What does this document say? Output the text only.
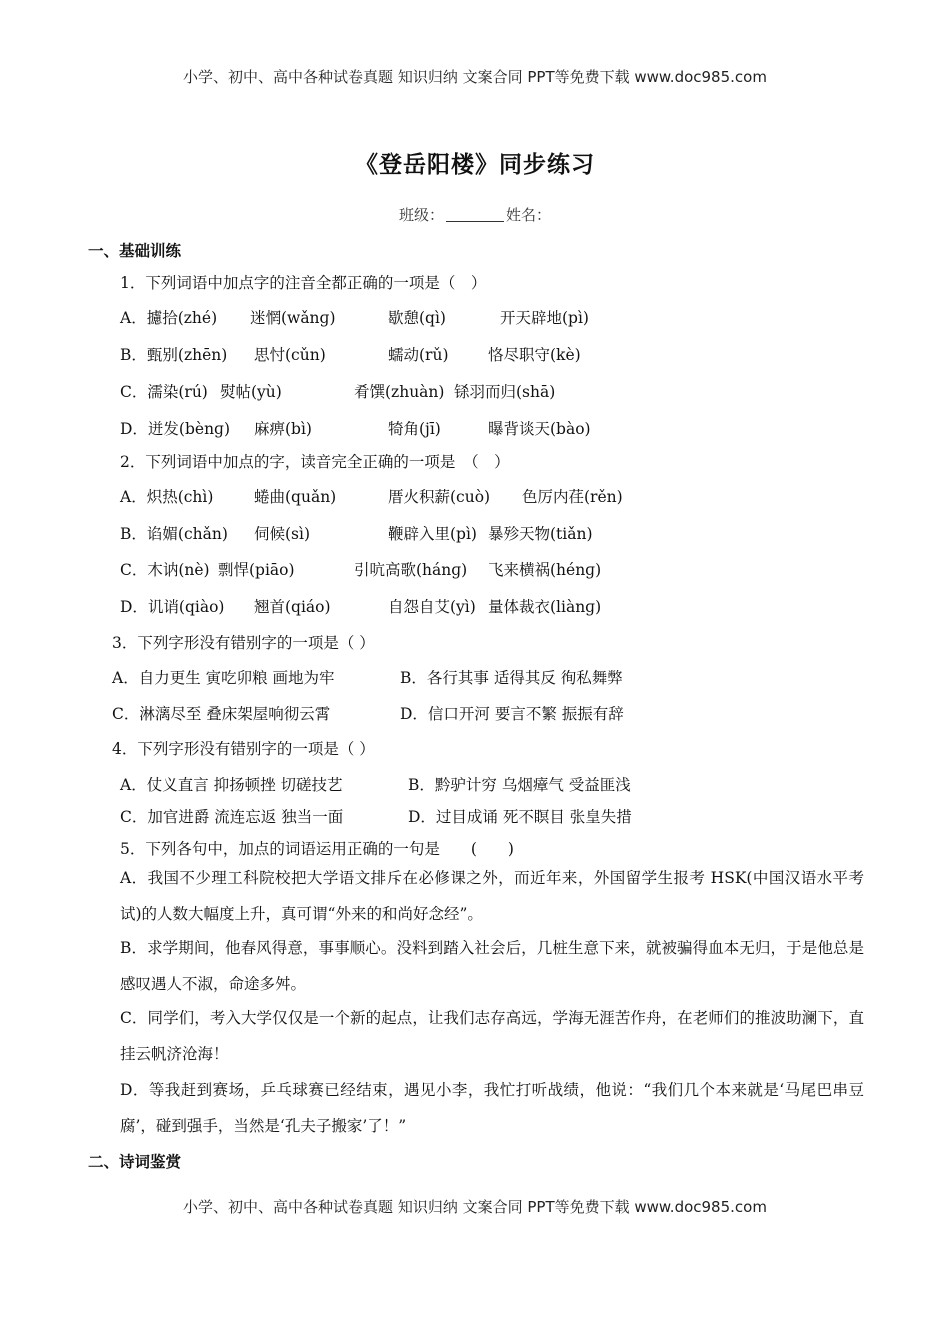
小学、初中、高中各种试卷真题 知识归纳 文案合同 PPT等免费下载 www.doc985.com
《登岳阳楼》同步练习
班级：	姓名：
一、基础训练
1．下列词语中加点字的注音全都正确的一项是（　）
A．攄拾(zhé) 迷惘(wǎnɡ)	歇憩(qì)	开天辟地(pì)
B．甄别(zhēn) 思忖(cǔn)	蠕动(rǔ)	恪尽职守(kè)
C．濡染(rú) 熨帖(yù)	肴馔(zhuàn) 铩羽而归(shā)
D．迸发(bènɡ) 麻痹(bì)	犄角(jī)	曝背谈天(bào)
2．下列词语中加点的字，读音完全正确的一项是　（　）
A．炽热(chì)	蜷曲(quǎn)	厝火积薪(cuò) 色厉内荏(rěn)
B．谄媚(chǎn) 伺候(sì)	鞭辟入里(pì) 暴殄天物(tiǎn)
C．木讷(nè) 剽悍(piāo)	引吭高歌(hánɡ) 飞来横祸(hénɡ)
D．讥诮(qiào) 翘首(qiáo)	自怨自艾(yì) 量体裁衣(liànɡ)
3．下列字形没有错别字的一项是（ ）
A．自力更生 寅吃卯粮 画地为牢	B．各行其事 适得其反 徇私舞弊
C．淋漓尽至 叠床架屋响彻云霄	D．信口开河 要言不繁 振振有辞
4．下列字形没有错别字的一项是（ ）
A．仗义直言 抑扬顿挫 切磋技艺	B．黔驴计穷 乌烟瘴气 受益匪浅
C．加官进爵 流连忘返 独当一面	D．过目成诵 死不瞑目 张皇失措
5．下列各句中，加点的词语运用正确的一句是　　(　　)
A．我国不少理工科院校把大学语文排斥在必修课之外，而近年来，外国留学生报考 HSK(中国汉语水平考试)的人数大幅度上升，真可谓“外来的和尚好念经”。
B．求学期间，他春风得意，事事顺心。没料到踏入社会后，几桩生意下来，就被骗得血本无归，于是他总是感叹遇人不淑，命途多舛。
C．同学们，考入大学仅仅是一个新的起点，让我们志存高远，学海无涯苦作舟，在老师们的推波助澜下，直挂云帆济沧海！
D．等我赶到赛场，乒乓球赛已经结束，遇见小李，我忙打听战绩，他说：“我们几个本来就是‘马尾巴串豆腐’，碰到强手，当然是‘孔夫子搬家’了！”
二、诗词鉴赏
小学、初中、高中各种试卷真题 知识归纳 文案合同 PPT等免费下载 www.doc985.com
